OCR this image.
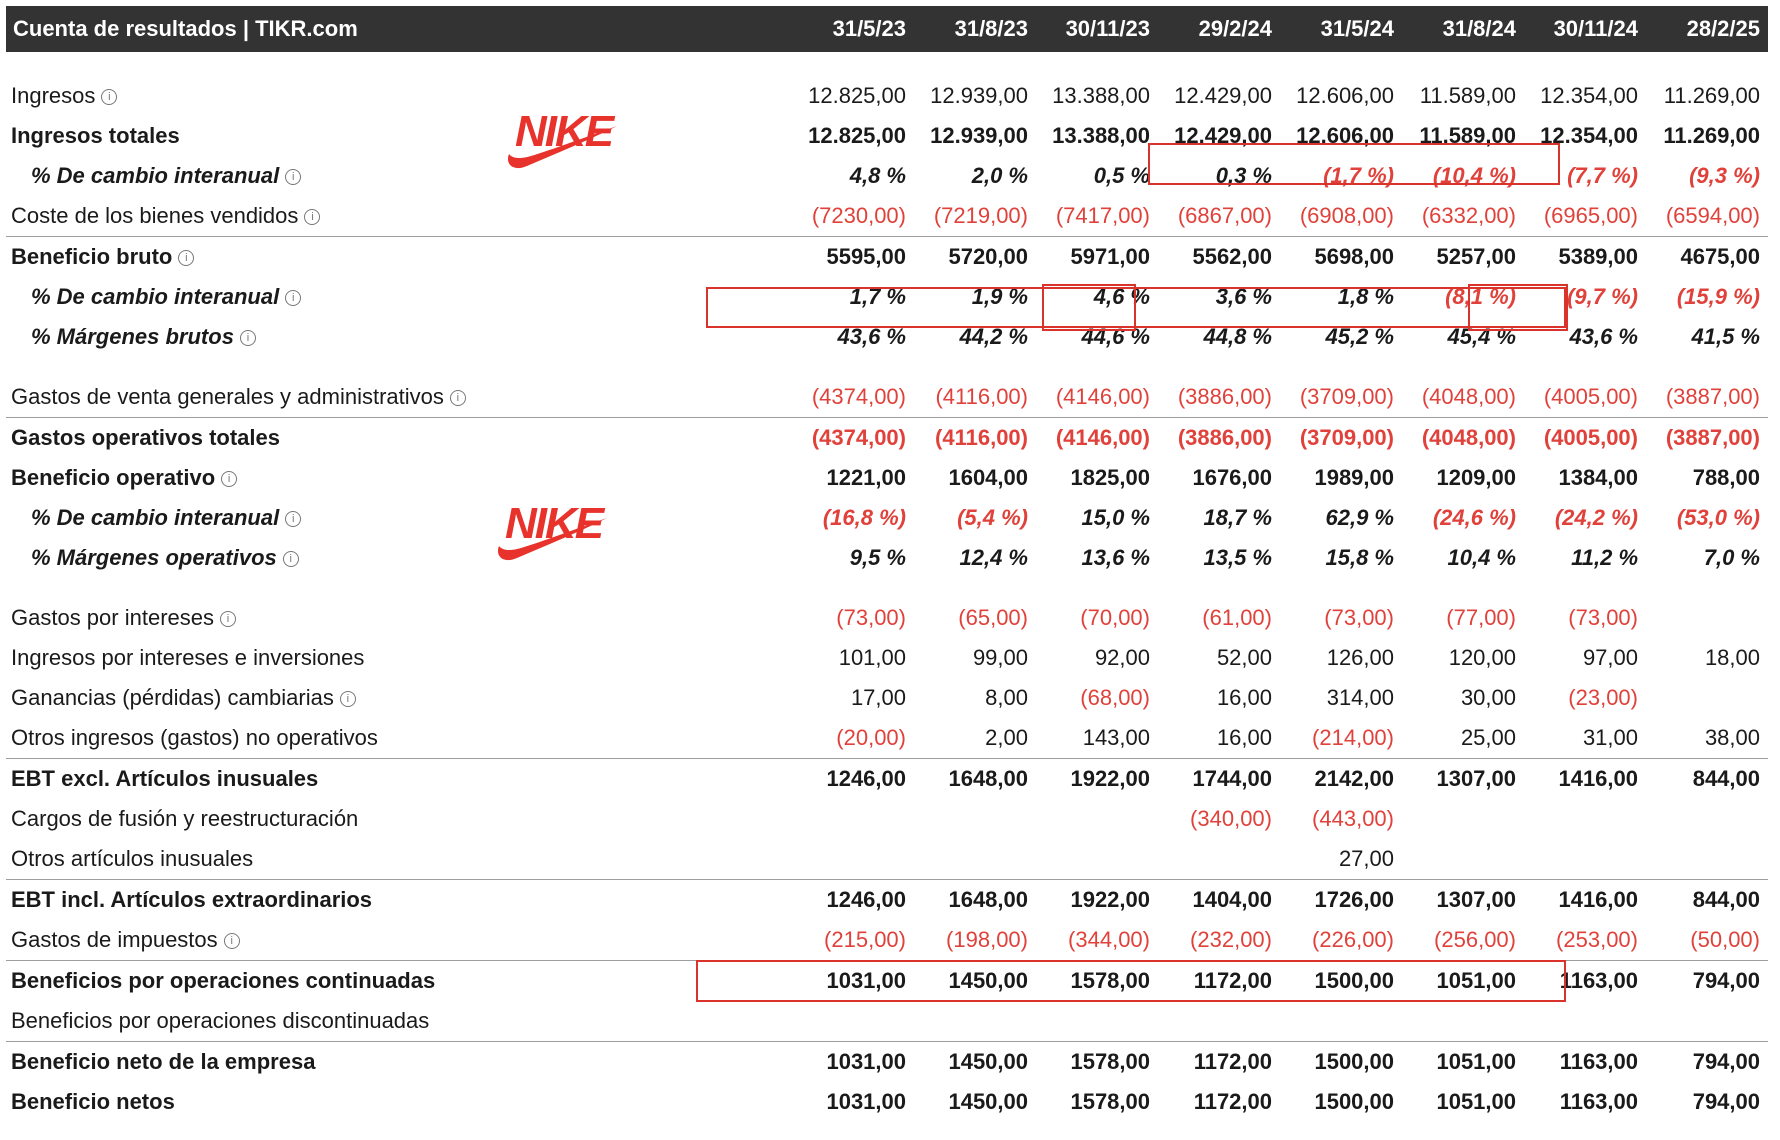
Cuenta de resultados | TIKR.com	31/5/23	31/8/23	30/11/23	29/2/24	31/5/24	31/8/24	30/11/24	28/2/25

Ingresos i	12.825,00	12.939,00	13.388,00	12.429,00	12.606,00	11.589,00	12.354,00	11.269,00
Ingresos totales	12.825,00	12.939,00	13.388,00	12.429,00	12.606,00	11.589,00	12.354,00	11.269,00
% De cambio interanual i	4,8 %	2,0 %	0,5 %	0,3 %	(1,7 %)	(10,4 %)	(7,7 %)	(9,3 %)
Coste de los bienes vendidos i	(7230,00)	(7219,00)	(7417,00)	(6867,00)	(6908,00)	(6332,00)	(6965,00)	(6594,00)
Beneficio bruto i	5595,00	5720,00	5971,00	5562,00	5698,00	5257,00	5389,00	4675,00
% De cambio interanual i	1,7 %	1,9 %	4,6 %	3,6 %	1,8 %	(8,1 %)	(9,7 %)	(15,9 %)
% Márgenes brutos i	43,6 %	44,2 %	44,6 %	44,8 %	45,2 %	45,4 %	43,6 %	41,5 %
Gastos de venta generales y administrativos i	(4374,00)	(4116,00)	(4146,00)	(3886,00)	(3709,00)	(4048,00)	(4005,00)	(3887,00)
Gastos operativos totales	(4374,00)	(4116,00)	(4146,00)	(3886,00)	(3709,00)	(4048,00)	(4005,00)	(3887,00)
Beneficio operativo i	1221,00	1604,00	1825,00	1676,00	1989,00	1209,00	1384,00	788,00
% De cambio interanual i	(16,8 %)	(5,4 %)	15,0 %	18,7 %	62,9 %	(24,6 %)	(24,2 %)	(53,0 %)
% Márgenes operativos i	9,5 %	12,4 %	13,6 %	13,5 %	15,8 %	10,4 %	11,2 %	7,0 %
Gastos por intereses i	(73,00)	(65,00)	(70,00)	(61,00)	(73,00)	(77,00)	(73,00)	
Ingresos por intereses e inversiones	101,00	99,00	92,00	52,00	126,00	120,00	97,00	18,00
Ganancias (pérdidas) cambiarias i	17,00	8,00	(68,00)	16,00	314,00	30,00	(23,00)	
Otros ingresos (gastos) no operativos	(20,00)	2,00	143,00	16,00	(214,00)	25,00	31,00	38,00
EBT excl. Artículos inusuales	1246,00	1648,00	1922,00	1744,00	2142,00	1307,00	1416,00	844,00
Cargos de fusión y reestructuración				(340,00)	(443,00)			
Otros artículos inusuales					27,00			
EBT incl. Artículos extraordinarios	1246,00	1648,00	1922,00	1404,00	1726,00	1307,00	1416,00	844,00
Gastos de impuestos i	(215,00)	(198,00)	(344,00)	(232,00)	(226,00)	(256,00)	(253,00)	(50,00)
Beneficios por operaciones continuadas	1031,00	1450,00	1578,00	1172,00	1500,00	1051,00	1163,00	794,00
Beneficios por operaciones discontinuadas								
Beneficio neto de la empresa	1031,00	1450,00	1578,00	1172,00	1500,00	1051,00	1163,00	794,00
Beneficio netos	1031,00	1450,00	1578,00	1172,00	1500,00	1051,00	1163,00	794,00
NIKE
NIKE
